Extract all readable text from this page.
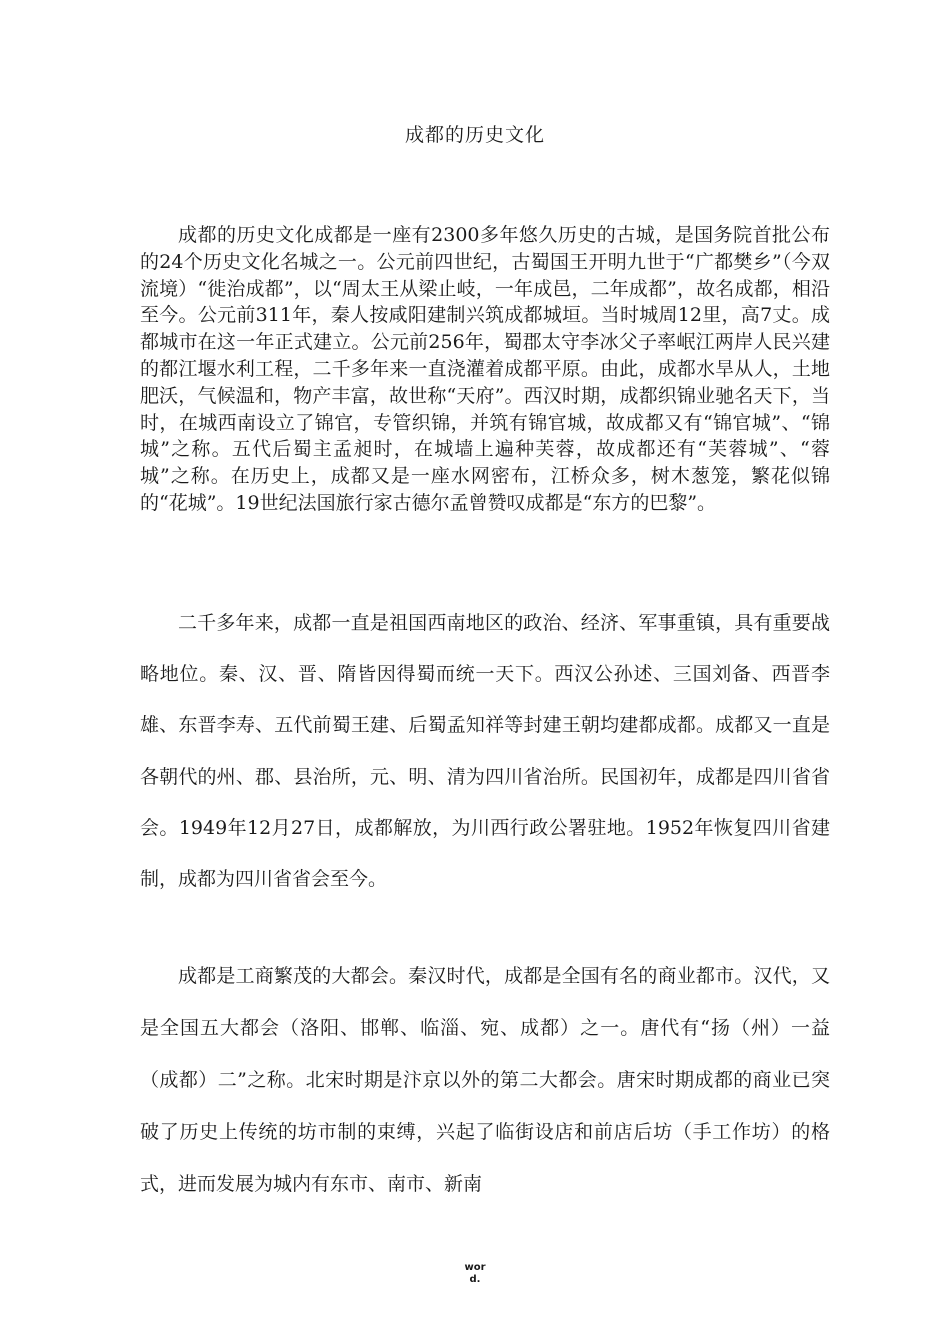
成都的历史文化

成都的历史文化成都是一座有2300多年悠久历史的古城，是国务院首批公布的24个历史文化名城之一。公元前四世纪，古蜀国王开明九世于“广都樊乡”（今双流境）“徙治成都”，以“周太王从梁止岐，一年成邑，二年成都”，故名成都，相沿至今。公元前311年，秦人按咸阳建制兴筑成都城垣。当时城周12里，高7丈。成都城市在这一年正式建立。公元前256年，蜀郡太守李冰父子率岷江两岸人民兴建的都江堰水利工程，二千多年来一直浇灌着成都平原。由此，成都水旱从人，土地肥沃，气候温和，物产丰富，故世称“天府”。西汉时期，成都织锦业驰名天下，当时，在城西南设立了锦官，专管织锦，并筑有锦官城，故成都又有“锦官城”、“锦城”之称。五代后蜀主孟昶时，在城墙上遍种芙蓉，故成都还有“芙蓉城”、“蓉城”之称。在历史上，成都又是一座水网密布，江桥众多，树木葱笼，繁花似锦的“花城”。19世纪法国旅行家古德尔孟曾赞叹成都是“东方的巴黎”。

二千多年来，成都一直是祖国西南地区的政治、经济、军事重镇，具有重要战略地位。秦、汉、晋、隋皆因得蜀而统一天下。西汉公孙述、三国刘备、西晋李雄、东晋李寿、五代前蜀王建、后蜀孟知祥等封建王朝均建都成都。成都又一直是各朝代的州、郡、县治所，元、明、清为四川省治所。民国初年，成都是四川省省会。1949年12月27日，成都解放，为川西行政公署驻地。1952年恢复四川省建制，成都为四川省省会至今。

成都是工商繁茂的大都会。秦汉时代，成都是全国有名的商业都市。汉代，又是全国五大都会（洛阳、邯郸、临淄、宛、成都）之一。唐代有“扬（州）一益（成都）二”之称。北宋时期是汴京以外的第二大都会。唐宋时期成都的商业已突破了历史上传统的坊市制的束缚，兴起了临街设店和前店后坊（手工作坊）的格式，进而发展为城内有东市、南市、新南

wor
d.
